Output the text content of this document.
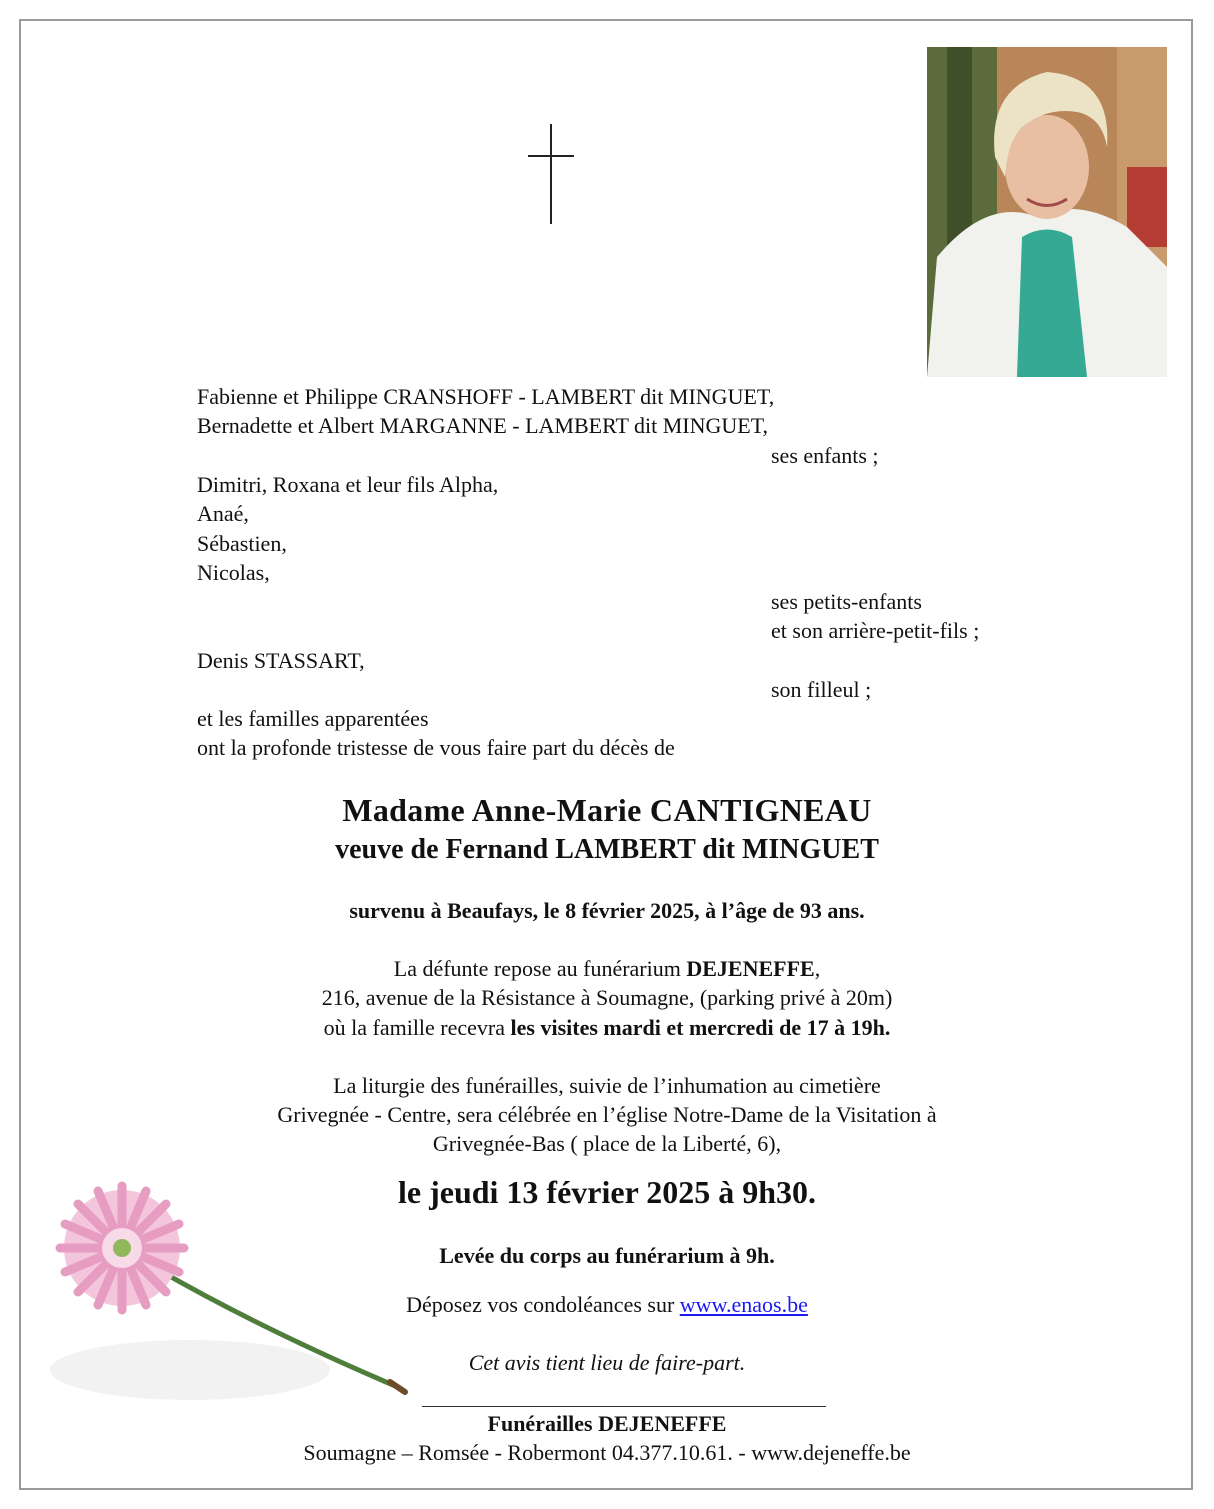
Fabienne et Philippe CRANSHOFF - LAMBERT dit MINGUET,
Bernadette et Albert MARGANNE - LAMBERT dit MINGUET,
ses enfants ;
Dimitri, Roxana et leur fils Alpha,
Anaé,
Sébastien,
Nicolas,
ses petits-enfants
et son arrière-petit-fils ;
Denis STASSART,
son filleul ;
et les familles apparentées
ont la profonde tristesse de vous faire part du décès de
Madame Anne-Marie CANTIGNEAU
veuve de Fernand LAMBERT dit MINGUET
survenu à Beaufays, le 8 février 2025, à l’âge de 93 ans.
La défunte repose au funérarium DEJENEFFE,
216, avenue de la Résistance à Soumagne, (parking privé à 20m)
où la famille recevra les visites mardi et mercredi de 17 à 19h.
La liturgie des funérailles, suivie de l’inhumation au cimetière
Grivegnée - Centre, sera célébrée en l’église Notre-Dame de la Visitation à
Grivegnée-Bas ( place de la Liberté, 6),
le jeudi 13 février 2025 à 9h30.
Levée du corps au funérarium à 9h.
Déposez vos condoléances sur www.enaos.be
Cet avis tient lieu de faire-part.
Funérailles DEJENEFFE
Soumagne – Romsée - Robermont 04.377.10.61. - www.dejeneffe.be
